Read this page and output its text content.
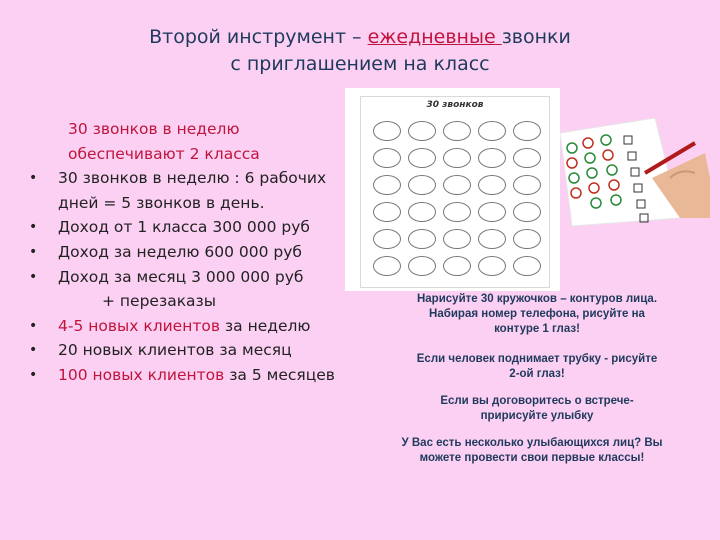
Второй инструмент – ежедневные звонки
с приглашением на класс
30 звонков в неделю
обеспечивают 2 класса
• 30 звонков в неделю : 6 рабочих
дней = 5 звонков в день.
• Доход от 1 класса 300 000 руб
• Доход за неделю 600 000 руб
• Доход за месяц 3 000 000 руб
+ перезаказы
• 4-5 новых клиентов за неделю
• 20 новых клиентов за месяц
• 100 новых клиентов за 5 месяцев
30 звонков

Нарисуйте 30 кружочков – контуров лица.

Набирая номер телефона, рисуйте на

контуре 1 глаз!

Если человек поднимает трубку - рисуйте

2-ой глаз!

Если вы договоритесь о встрече-

пририсуйте улыбку

У Вас есть несколько улыбающихся лиц? Вы

можете провести свои первые классы!
